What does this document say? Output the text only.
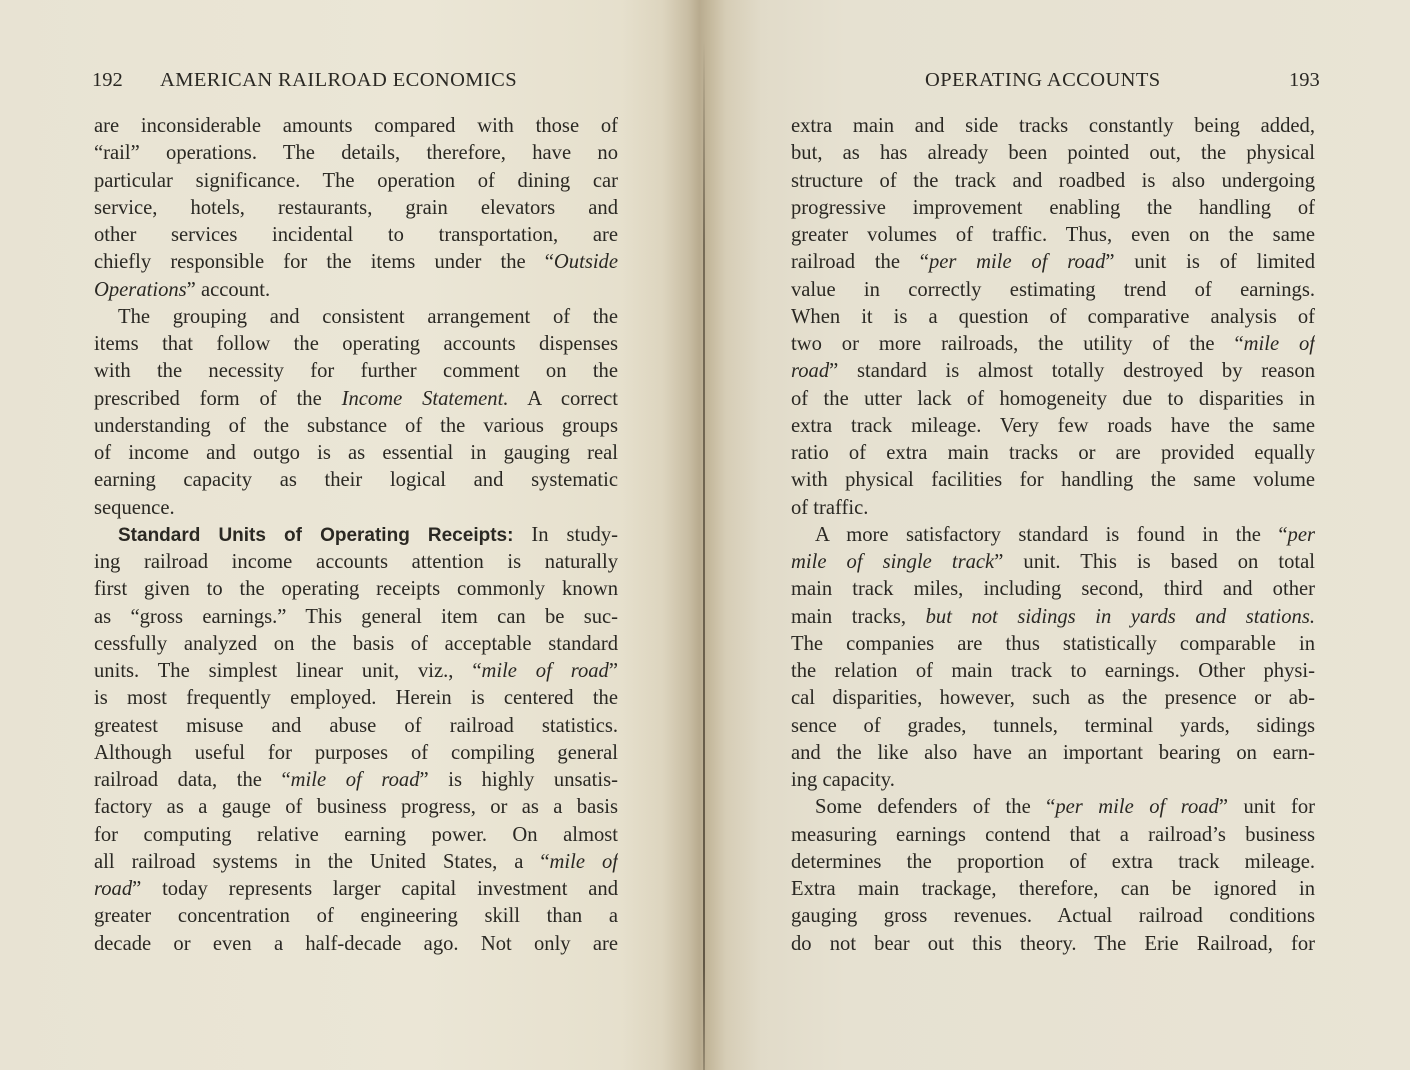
192 AMERICAN RAILROAD ECONOMICS
are inconsiderable amounts compared with those of
“rail” operations. The details, therefore, have no
particular significance. The operation of dining car
service, hotels, restaurants, grain elevators and
other services incidental to transportation, are
chiefly responsible for the items under the “Outside
Operations” account.
The grouping and consistent arrangement of the
items that follow the operating accounts dispenses
with the necessity for further comment on the
prescribed form of the Income Statement. A correct
understanding of the substance of the various groups
of income and outgo is as essential in gauging real
earning capacity as their logical and systematic
sequence.
Standard Units of Operating Receipts: In study-
ing railroad income accounts attention is naturally
first given to the operating receipts commonly known
as “gross earnings.” This general item can be suc-
cessfully analyzed on the basis of acceptable standard
units. The simplest linear unit, viz., “mile of road”
is most frequently employed. Herein is centered the
greatest misuse and abuse of railroad statistics.
Although useful for purposes of compiling general
railroad data, the “mile of road” is highly unsatis-
factory as a gauge of business progress, or as a basis
for computing relative earning power. On almost
all railroad systems in the United States, a “mile of
road” today represents larger capital investment and
greater concentration of engineering skill than a
decade or even a half-decade ago. Not only are
OPERATING ACCOUNTS	193
extra main and side tracks constantly being added,
but, as has already been pointed out, the physical
structure of the track and roadbed is also undergoing
progressive improvement enabling the handling of
greater volumes of traffic. Thus, even on the same
railroad the “per mile of road” unit is of limited
value in correctly estimating trend of earnings.
When it is a question of comparative analysis of
two or more railroads, the utility of the “mile of
road” standard is almost totally destroyed by reason
of the utter lack of homogeneity due to disparities in
extra track mileage. Very few roads have the same
ratio of extra main tracks or are provided equally
with physical facilities for handling the same volume
of traffic.
A more satisfactory standard is found in the “per
mile of single track” unit. This is based on total
main track miles, including second, third and other
main tracks, but not sidings in yards and stations.
The companies are thus statistically comparable in
the relation of main track to earnings. Other physi-
cal disparities, however, such as the presence or ab-
sence of grades, tunnels, terminal yards, sidings
and the like also have an important bearing on earn-
ing capacity.
Some defenders of the “per mile of road” unit for
measuring earnings contend that a railroad’s business
determines the proportion of extra track mileage.
Extra main trackage, therefore, can be ignored in
gauging gross revenues. Actual railroad conditions
do not bear out this theory. The Erie Railroad, for
